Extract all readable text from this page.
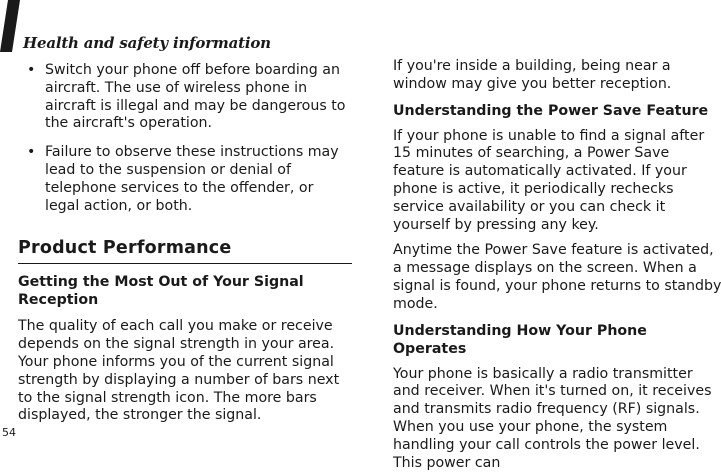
Health and safety information
• Switch your phone off before boarding an aircraft. The use of wireless phone in aircraft is illegal and may be dangerous to the aircraft's operation.
• Failure to observe these instructions may lead to the suspension or denial of telephone services to the offender, or legal action, or both.
Product Performance
Getting the Most Out of Your Signal Reception

The quality of each call you make or receive depends on the signal strength in your area. Your phone informs you of the current signal strength by displaying a number of bars next to the signal strength icon. The more bars displayed, the stronger the signal.

If you're inside a building, being near a window may give you better reception.

Understanding the Power Save Feature

If your phone is unable to find a signal after 15 minutes of searching, a Power Save feature is automatically activated. If your phone is active, it periodically rechecks service availability or you can check it yourself by pressing any key.

Anytime the Power Save feature is activated, a message displays on the screen. When a signal is found, your phone returns to standby mode.

Understanding How Your Phone Operates

Your phone is basically a radio transmitter and receiver. When it's turned on, it receives and transmits radio frequency (RF) signals. When you use your phone, the system handling your call controls the power level. This power can

54
